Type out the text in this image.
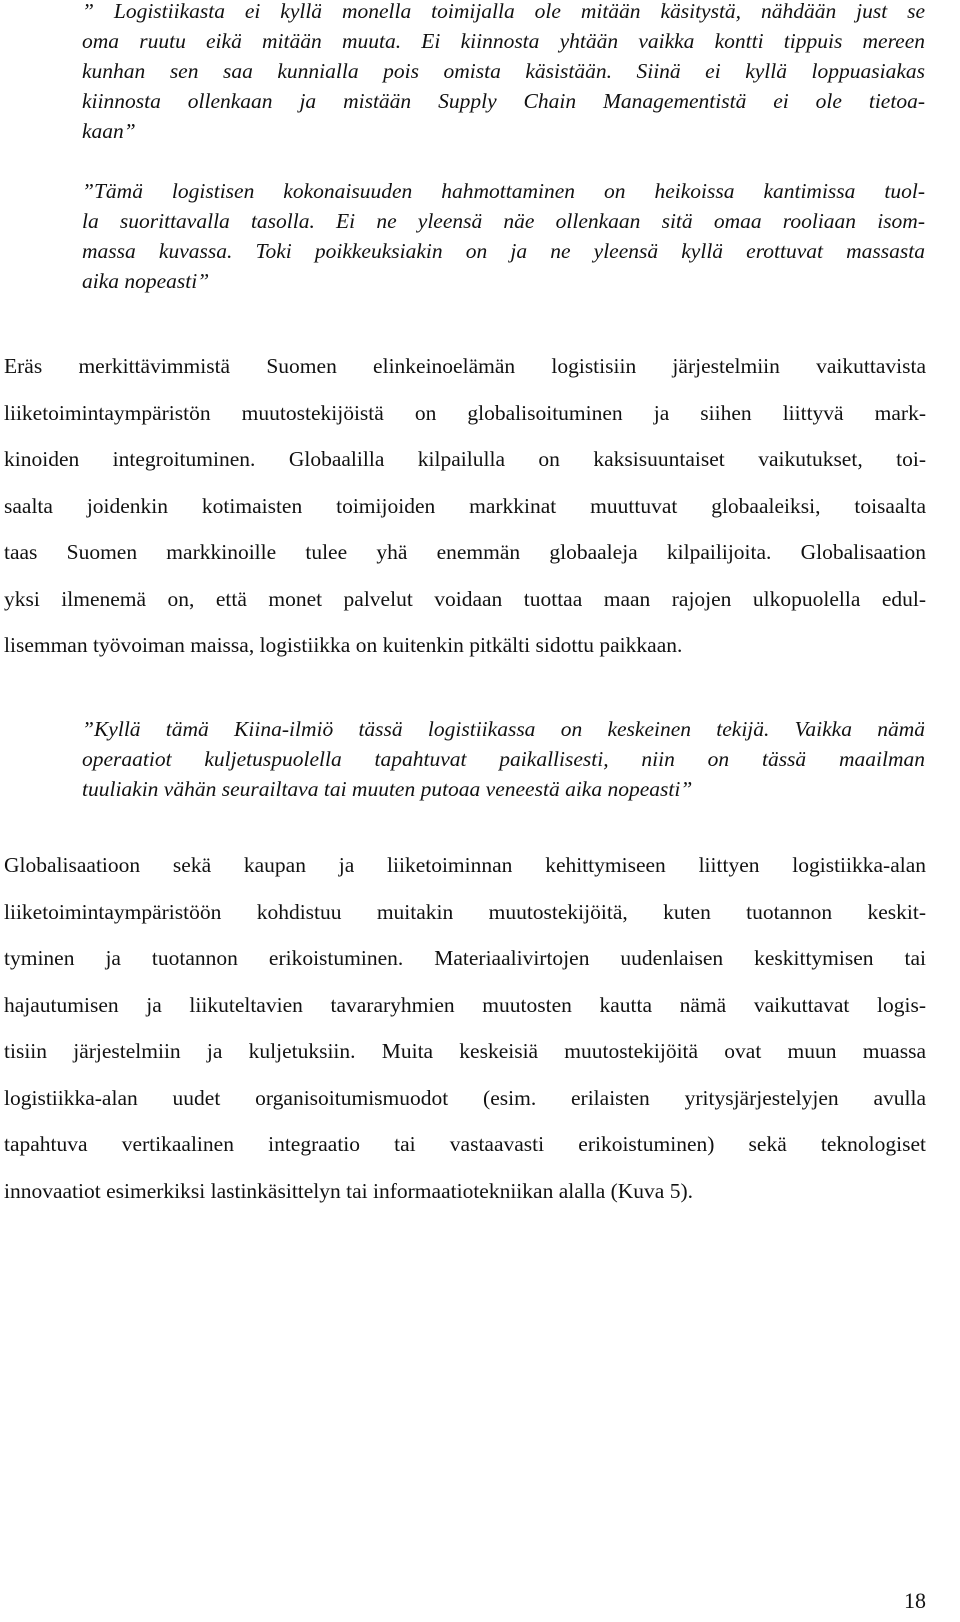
” Logistiikasta ei kyllä monella toimijalla ole mitään käsitystä, nähdään just se
oma ruutu eikä mitään muuta. Ei kiinnosta yhtään vaikka kontti tippuis mereen
kunhan sen saa kunnialla pois omista käsistään. Siinä ei kyllä loppuasiakas
kiinnosta ollenkaan ja mistään Supply Chain Managementistä ei ole tietoa-
kaan”
”Tämä logistisen kokonaisuuden hahmottaminen on heikoissa kantimissa tuol-
la suorittavalla tasolla. Ei ne yleensä näe ollenkaan sitä omaa rooliaan isom-
massa kuvassa. Toki poikkeuksiakin on ja ne yleensä kyllä erottuvat massasta
aika nopeasti”
Eräs merkittävimmistä Suomen elinkeinoelämän logistisiin järjestelmiin vaikuttavista
liiketoimintaympäristön muutostekijöistä on globalisoituminen ja siihen liittyvä mark-
kinoiden integroituminen. Globaalilla kilpailulla on kaksisuuntaiset vaikutukset, toi-
saalta joidenkin kotimaisten toimijoiden markkinat muuttuvat globaaleiksi, toisaalta
taas Suomen markkinoille tulee yhä enemmän globaaleja kilpailijoita. Globalisaation
yksi ilmenemä on, että monet palvelut voidaan tuottaa maan rajojen ulkopuolella edul-
lisemman työvoiman maissa, logistiikka on kuitenkin pitkälti sidottu paikkaan.
”Kyllä tämä Kiina-ilmiö tässä logistiikassa on keskeinen tekijä. Vaikka nämä
operaatiot kuljetuspuolella tapahtuvat paikallisesti, niin on tässä maailman
tuuliakin vähän seurailtava tai muuten putoaa veneestä aika nopeasti”
Globalisaatioon sekä kaupan ja liiketoiminnan kehittymiseen liittyen logistiikka-alan
liiketoimintaympäristöön kohdistuu muitakin muutostekijöitä, kuten tuotannon keskit-
tyminen ja tuotannon erikoistuminen. Materiaalivirtojen uudenlaisen keskittymisen tai
hajautumisen ja liikuteltavien tavararyhmien muutosten kautta nämä vaikuttavat logis-
tisiin järjestelmiin ja kuljetuksiin. Muita keskeisiä muutostekijöitä ovat muun muassa
logistiikka-alan uudet organisoitumismuodot (esim. erilaisten yritysjärjestelyjen avulla
tapahtuva vertikaalinen integraatio tai vastaavasti erikoistuminen) sekä teknologiset
innovaatiot esimerkiksi lastinkäsittelyn tai informaatiotekniikan alalla (Kuva 5).
18
